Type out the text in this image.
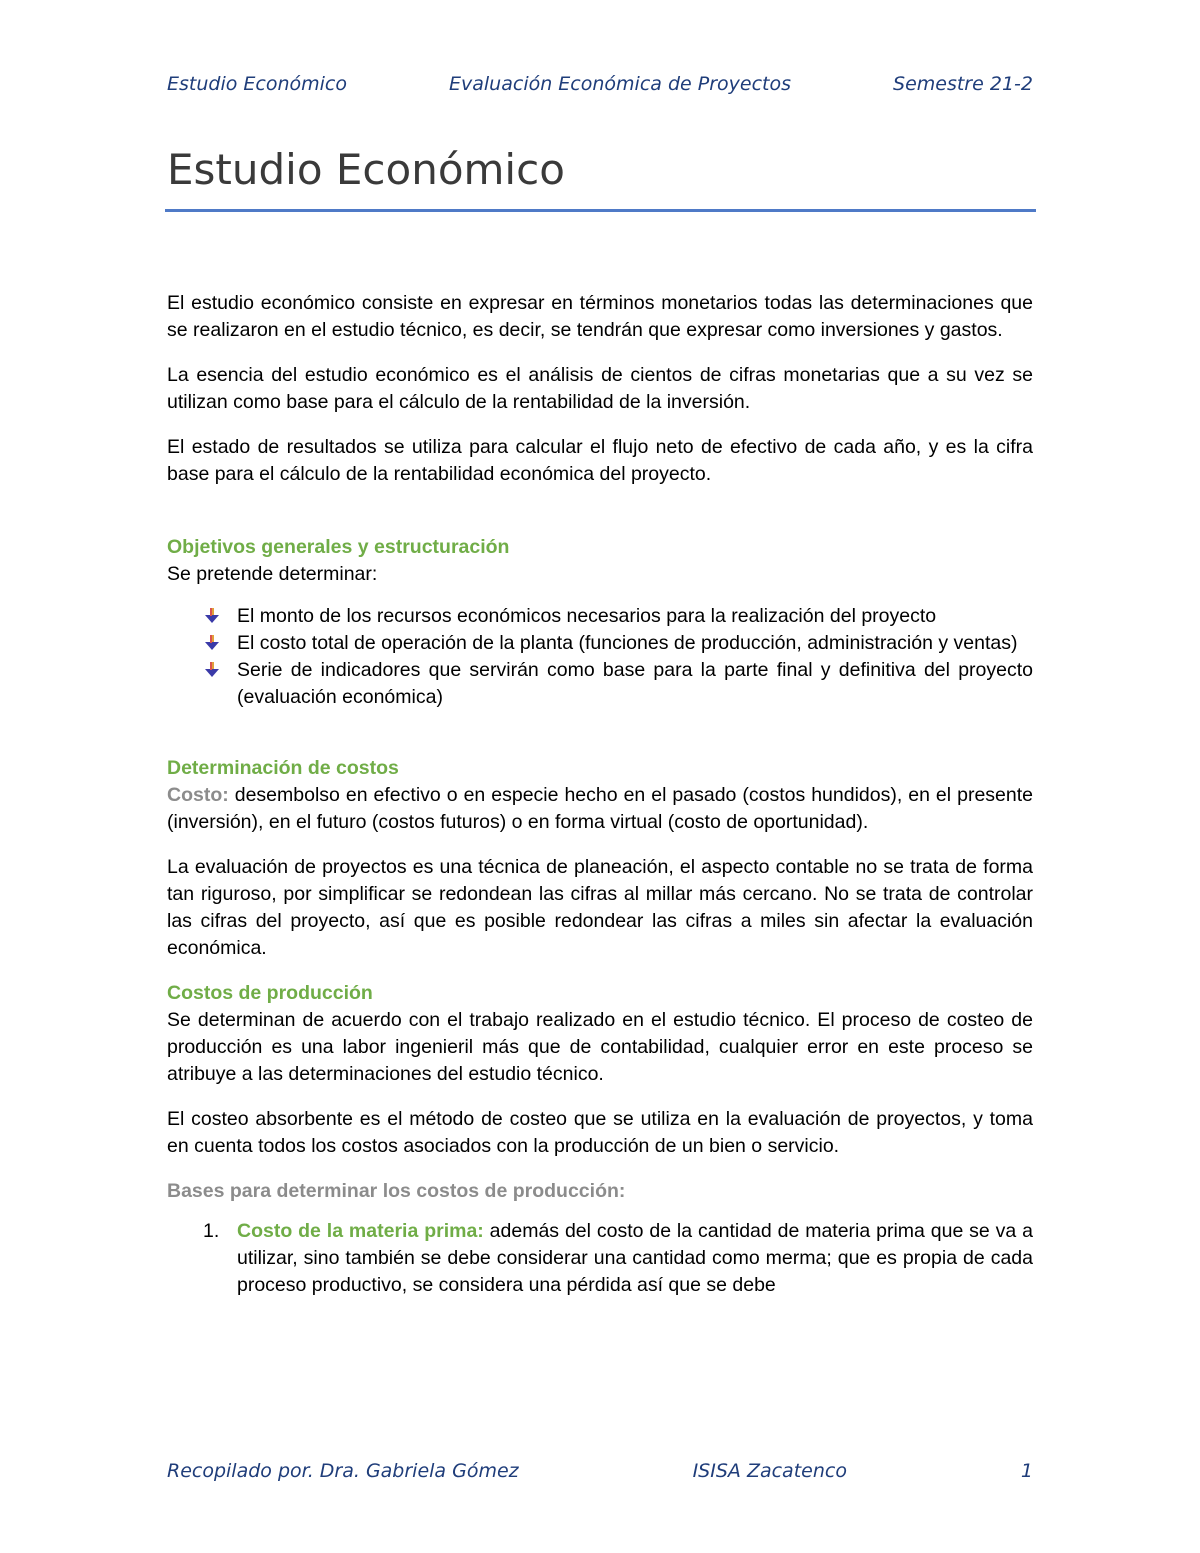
Estudio Económico	Evaluación Económica de Proyectos	Semestre 21-2
Estudio Económico

El estudio económico consiste en expresar en términos monetarios todas las determinaciones que se realizaron en el estudio técnico, es decir, se tendrán que expresar como inversiones y gastos.

La esencia del estudio económico es el análisis de cientos de cifras monetarias que a su vez se utilizan como base para el cálculo de la rentabilidad de la inversión.

El estado de resultados se utiliza para calcular el flujo neto de efectivo de cada año, y es la cifra base para el cálculo de la rentabilidad económica del proyecto.

Objetivos generales y estructuración

Se pretende determinar:

El monto de los recursos económicos necesarios para la realización del proyecto
El costo total de operación de la planta (funciones de producción, administración y ventas)
Serie de indicadores que servirán como base para la parte final y definitiva del proyecto (evaluación económica)
Determinación de costos

Costo: desembolso en efectivo o en especie hecho en el pasado (costos hundidos), en el presente (inversión), en el futuro (costos futuros) o en forma virtual (costo de oportunidad).

La evaluación de proyectos es una técnica de planeación, el aspecto contable no se trata de forma tan riguroso, por simplificar se redondean las cifras al millar más cercano. No se trata de controlar las cifras del proyecto, así que es posible redondear las cifras a miles sin afectar la evaluación económica.

Costos de producción

Se determinan de acuerdo con el trabajo realizado en el estudio técnico. El proceso de costeo de producción es una labor ingenieril más que de contabilidad, cualquier error en este proceso se atribuye a las determinaciones del estudio técnico.

El costeo absorbente es el método de costeo que se utiliza en la evaluación de proyectos, y toma en cuenta todos los costos asociados con la producción de un bien o servicio.

Bases para determinar los costos de producción:
1. Costo de la materia prima: además del costo de la cantidad de materia prima que se va a utilizar, sino también se debe considerar una cantidad como merma; que es propia de cada proceso productivo, se considera una pérdida así que se debe
Recopilado por. Dra. Gabriela Gómez	ISISA Zacatenco	1
